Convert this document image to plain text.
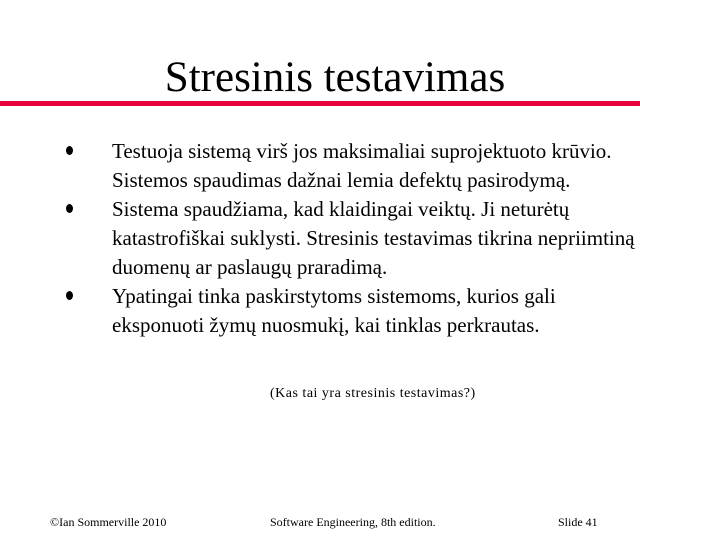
Stresinis testavimas
Testuoja sistemą virš jos maksimaliai suprojektuoto krūvio. Sistemos spaudimas dažnai lemia defektų pasirodymą.
Sistema spaudžiama, kad klaidingai veiktų. Ji neturėtų katastrofiškai suklysti. Stresinis testavimas tikrina nepriimtiną duomenų ar paslaugų praradimą.
Ypatingai tinka paskirstytoms sistemoms, kurios gali eksponuoti žymų nuosmukį, kai tinklas perkrautas.
(Kas tai yra stresinis testavimas?)
©Ian Sommerville 2010	Software Engineering, 8th edition.	Slide 41
